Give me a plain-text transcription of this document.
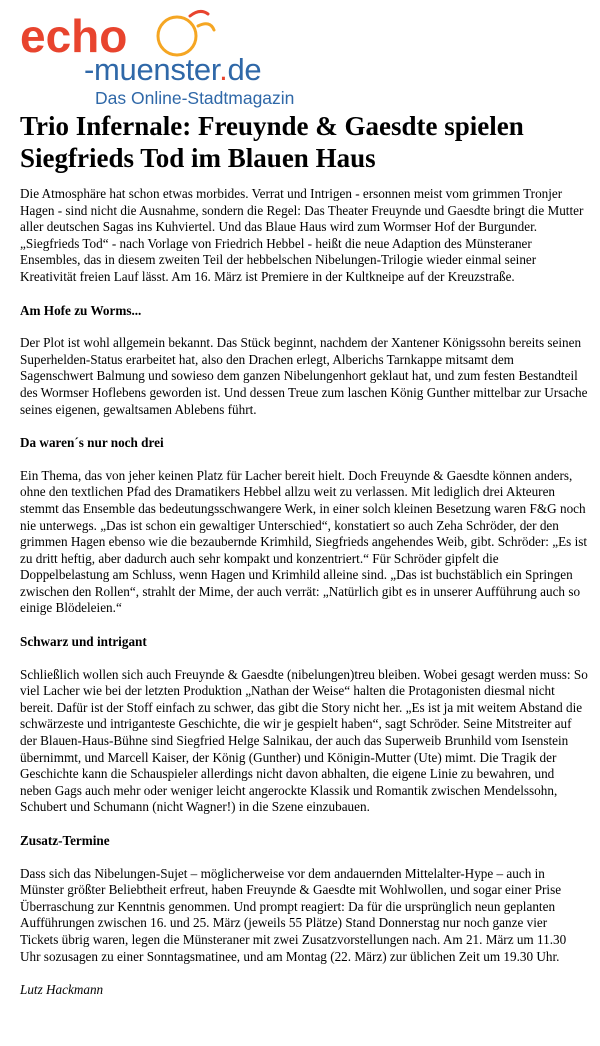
echo
-muenster.de
Das Online-Stadtmagazin
Trio Infernale: Freuynde & Gaesdte spielen Siegfrieds Tod im Blauen Haus

Die Atmosphäre hat schon etwas morbides. Verrat und Intrigen - ersonnen meist vom grimmen Tronjer Hagen - sind nicht die Ausnahme, sondern die Regel: Das Theater Freuynde und Gaesdte bringt die Mutter aller deutschen Sagas ins Kuhviertel. Und das Blaue Haus wird zum Wormser Hof der Burgunder. „Siegfrieds Tod“ - nach Vorlage von Friedrich Hebbel - heißt die neue Adaption des Münsteraner Ensembles, das in diesem zweiten Teil der hebbelschen Nibelungen-Trilogie wieder einmal seiner Kreativität freien Lauf lässt. Am 16. März ist Premiere in der Kultkneipe auf der Kreuzstraße.

Am Hofe zu Worms...

Der Plot ist wohl allgemein bekannt. Das Stück beginnt, nachdem der Xantener Königssohn bereits seinen Superhelden-Status erarbeitet hat, also den Drachen erlegt, Alberichs Tarnkappe mitsamt dem Sagenschwert Balmung und sowieso dem ganzen Nibelungenhort geklaut hat, und zum festen Bestandteil des Wormser Hoflebens geworden ist. Und dessen Treue zum laschen König Gunther mittelbar zur Ursache seines eigenen, gewaltsamen Ablebens führt.

Da waren´s nur noch drei

Ein Thema, das von jeher keinen Platz für Lacher bereit hielt. Doch Freuynde & Gaesdte können anders, ohne den textlichen Pfad des Dramatikers Hebbel allzu weit zu verlassen. Mit lediglich drei Akteuren stemmt das Ensemble das bedeutungsschwangere Werk, in einer solch kleinen Besetzung waren F&G noch nie unterwegs. „Das ist schon ein gewaltiger Unterschied“, konstatiert so auch Zeha Schröder, der den grimmen Hagen ebenso wie die bezaubernde Krimhild, Siegfrieds angehendes Weib, gibt. Schröder: „Es ist zu dritt heftig, aber dadurch auch sehr kompakt und konzentriert.“ Für Schröder gipfelt die Doppelbelastung am Schluss, wenn Hagen und Krimhild alleine sind. „Das ist buchstäblich ein Springen zwischen den Rollen“, strahlt der Mime, der auch verrät: „Natürlich gibt es in unserer Aufführung auch so einige Blödeleien.“

Schwarz und intrigant

Schließlich wollen sich auch Freuynde & Gaesdte (nibelungen)treu bleiben. Wobei gesagt werden muss: So viel Lacher wie bei der letzten Produktion „Nathan der Weise“ halten die Protagonisten diesmal nicht bereit. Dafür ist der Stoff einfach zu schwer, das gibt die Story nicht her. „Es ist ja mit weitem Abstand die schwärzeste und intriganteste Geschichte, die wir je gespielt haben“, sagt Schröder. Seine Mitstreiter auf der Blauen-Haus-Bühne sind Siegfried Helge Salnikau, der auch das Superweib Brunhild vom Isenstein übernimmt, und Marcell Kaiser, der König (Gunther) und Königin-Mutter (Ute) mimt. Die Tragik der Geschichte kann die Schauspieler allerdings nicht davon abhalten, die eigene Linie zu bewahren, und neben Gags auch mehr oder weniger leicht angerockte Klassik und Romantik zwischen Mendelssohn, Schubert und Schumann (nicht Wagner!) in die Szene einzubauen.

Zusatz-Termine

Dass sich das Nibelungen-Sujet – möglicherweise vor dem andauernden Mittelalter-Hype – auch in Münster größter Beliebtheit erfreut, haben Freuynde & Gaesdte mit Wohlwollen, und sogar einer Prise Überraschung zur Kenntnis genommen. Und prompt reagiert: Da für die ursprünglich neun geplanten Aufführungen zwischen 16. und 25. März (jeweils 55 Plätze) Stand Donnerstag nur noch ganze vier Tickets übrig waren, legen die Münsteraner mit zwei Zusatzvorstellungen nach. Am 21. März um 11.30 Uhr sozusagen zu einer Sonntagsmatinee, und am Montag (22. März) zur üblichen Zeit um 19.30 Uhr.

Lutz Hackmann
